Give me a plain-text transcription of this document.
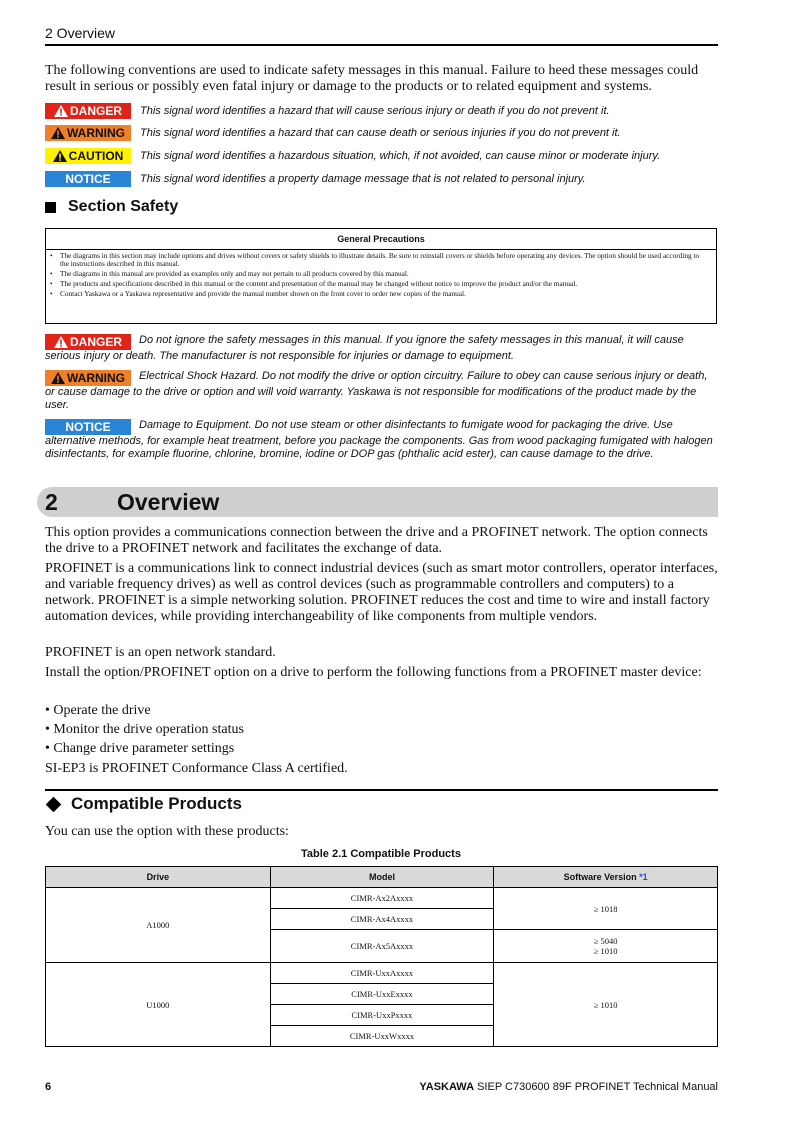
2 Overview
The following conventions are used to indicate safety messages in this manual. Failure to heed these messages could result in serious or possibly even fatal injury or damage to the products or to related equipment and systems.
DANGER This signal word identifies a hazard that will cause serious injury or death if you do not prevent it.
WARNING This signal word identifies a hazard that can cause death or serious injuries if you do not prevent it.
CAUTION This signal word identifies a hazardous situation, which, if not avoided, can cause minor or moderate injury.
NOTICE	This signal word identifies a property damage message that is not related to personal injury.
Section Safety
General Precautions
• The diagrams in this section may include options and drives without covers or safety shields to illustrate details. Be sure to reinstall covers or shields before operating any devices. The option should be used according to the instructions described in this manual.
• The diagrams in this manual are provided as examples only and may not pertain to all products covered by this manual.
• The products and specifications described in this manual or the content and presentation of the manual may be changed without notice to improve the product and/or the manual.
• Contact Yaskawa or a Yaskawa representative and provide the manual number shown on the front cover to order new copies of the manual.
DANGER Do not ignore the safety messages in this manual. If you ignore the safety messages in this manual, it will cause serious injury or death. The manufacturer is not responsible for injuries or damage to equipment.
WARNING Electrical Shock Hazard. Do not modify the drive or option circuitry. Failure to obey can cause serious injury or death, or cause damage to the drive or option and will void warranty. Yaskawa is not responsible for modifications of the product made by the user.
NOTICE	Damage to Equipment. Do not use steam or other disinfectants to fumigate wood for packaging the drive. Use alternative methods, for example heat treatment, before you package the components. Gas from wood packaging fumigated with halogen disinfectants, for example fluorine, chlorine, bromine, iodine or DOP gas (phthalic acid ester), can cause damage to the drive.
2	Overview
This option provides a communications connection between the drive and a PROFINET network. The option connects the drive to a PROFINET network and facilitates the exchange of data.
PROFINET is a communications link to connect industrial devices (such as smart motor controllers, operator interfaces, and variable frequency drives) as well as control devices (such as programmable controllers and computers) to a network. PROFINET is a simple networking solution. PROFINET reduces the cost and time to wire and install factory automation devices, while providing interchangeability of like components from multiple vendors.
PROFINET is an open network standard.
Install the option/PROFINET option on a drive to perform the following functions from a PROFINET master device:
• Operate the drive
• Monitor the drive operation status
• Change drive parameter settings
SI-EP3 is PROFINET Conformance Class A certified.
Compatible Products
You can use the option with these products:
Table 2.1 Compatible Products
Drive	Model	Software Version *1
A1000	CIMR-Ax2Axxxx	≥ 1018
	CIMR-Ax4Axxxx	
	CIMR-Ax5Axxxx	≥ 5040
≥ 1010

U1000	CIMR-UxxAxxxx	≥ 1010
	CIMR-UxxExxxx	
	CIMR-UxxPxxxx	
	CIMR-UxxWxxxx	
6	YASKAWA SIEP C730600 89F PROFINET Technical Manual
